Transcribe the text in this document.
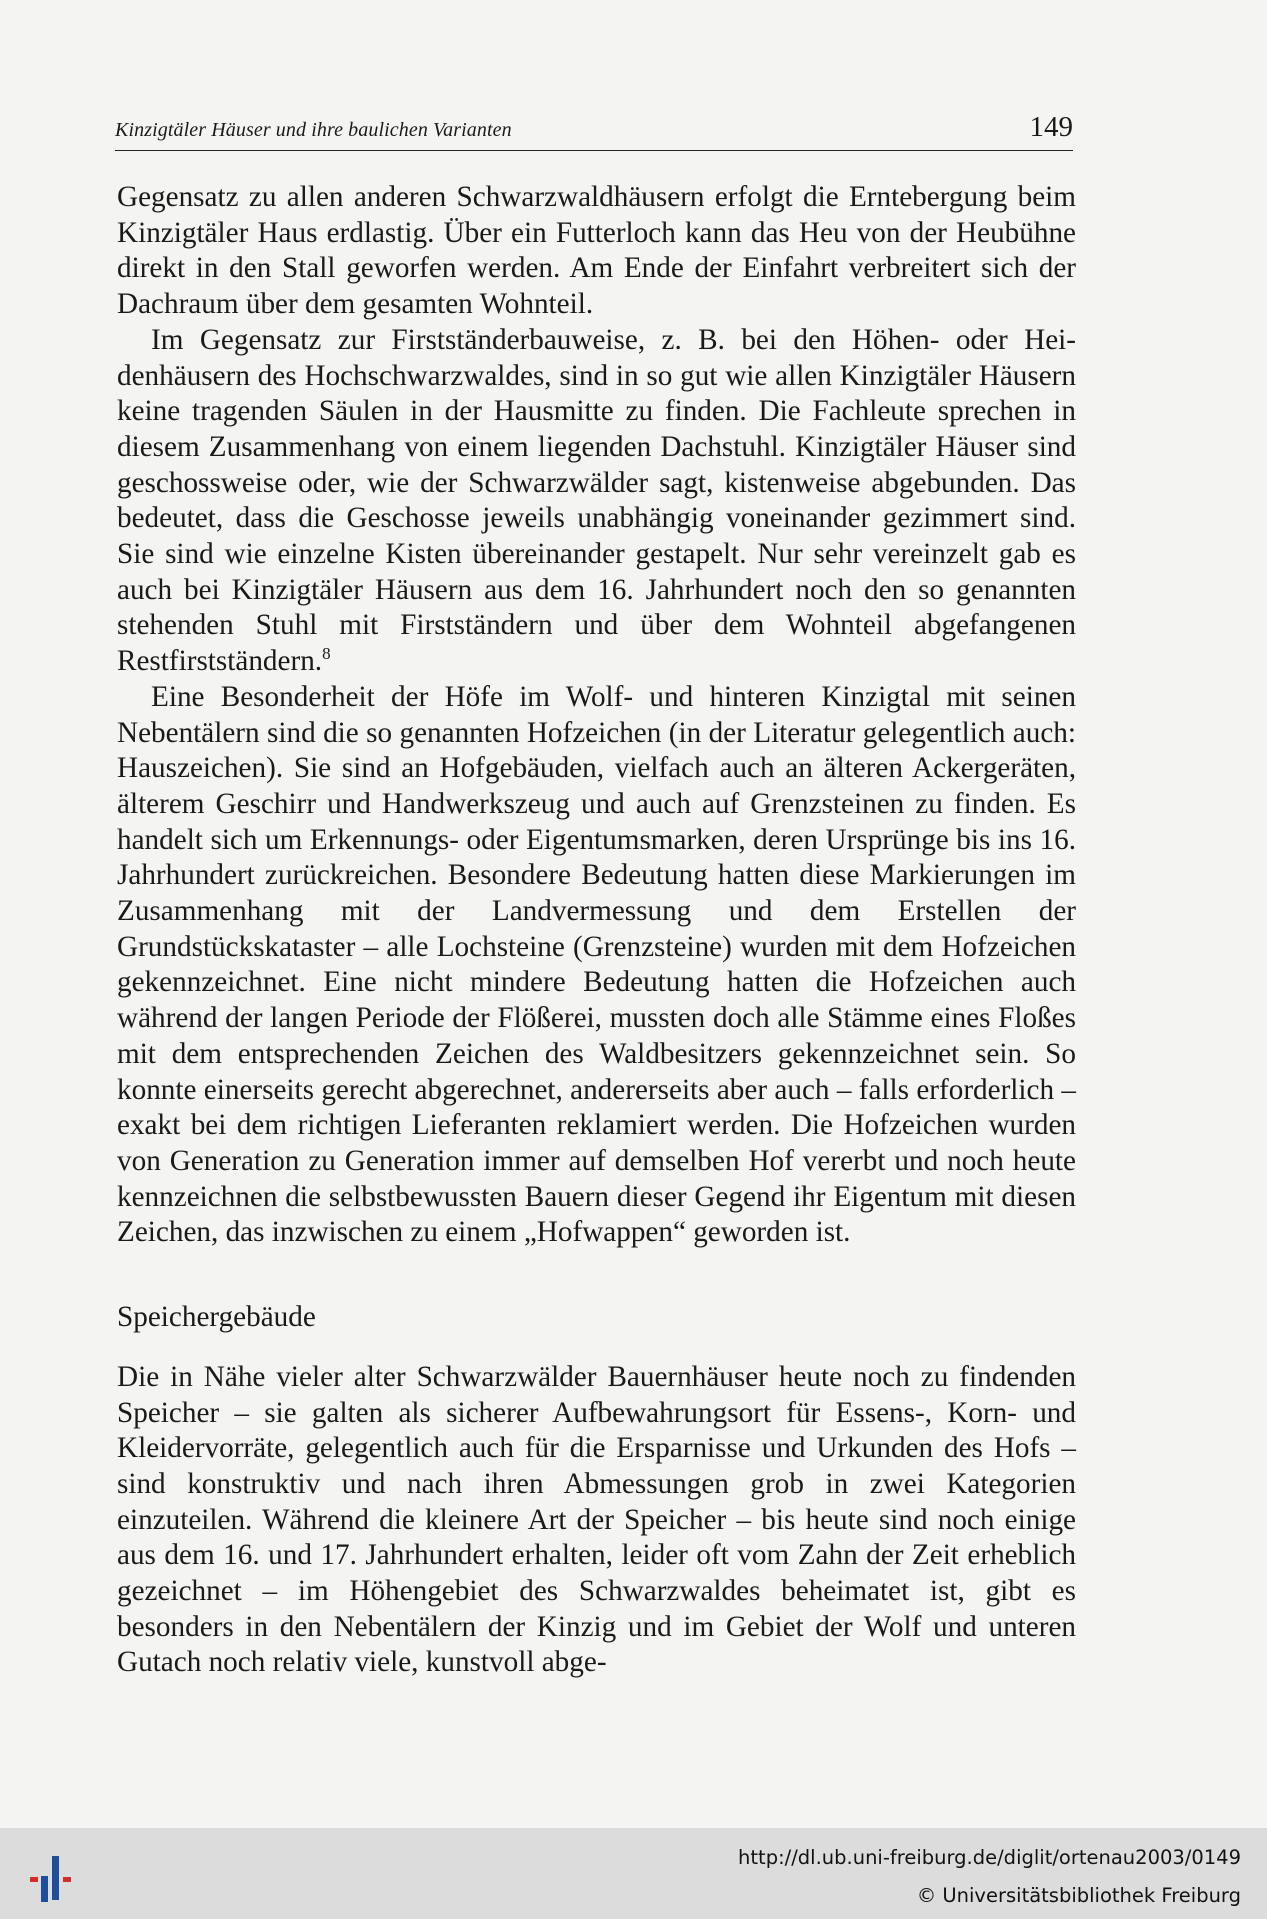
Kinzigtäler Häuser und ihre baulichen Varianten	149

Gegensatz zu allen anderen Schwarzwaldhäusern erfolgt die Erntebergung beim Kinzigtäler Haus erdlastig. Über ein Futterloch kann das Heu von der Heubühne direkt in den Stall geworfen werden. Am Ende der Einfahrt verbreitert sich der Dachraum über dem gesamten Wohnteil.

Im Gegensatz zur Firstständerbauweise, z. B. bei den Höhen- oder Heidenhäusern des Hochschwarzwaldes, sind in so gut wie allen Kinzigtäler Häusern keine tragenden Säulen in der Hausmitte zu finden. Die Fachleute sprechen in diesem Zusammenhang von einem liegenden Dachstuhl. Kinzigtäler Häuser sind geschossweise oder, wie der Schwarzwälder sagt, kistenweise abgebunden. Das bedeutet, dass die Geschosse jeweils unabhängig voneinander gezimmert sind. Sie sind wie einzelne Kisten übereinander gestapelt. Nur sehr vereinzelt gab es auch bei Kinzigtäler Häusern aus dem 16. Jahrhundert noch den so genannten stehenden Stuhl mit Firstständern und über dem Wohnteil abgefangenen Restfirstständern.$^8$

Eine Besonderheit der Höfe im Wolf- und hinteren Kinzigtal mit seinen Nebentälern sind die so genannten Hofzeichen (in der Literatur gelegentlich auch: Hauszeichen). Sie sind an Hofgebäuden, vielfach auch an älteren Ackergeräten, älterem Geschirr und Handwerkszeug und auch auf Grenzsteinen zu finden. Es handelt sich um Erkennungs- oder Eigentumsmarken, deren Ursprünge bis ins 16. Jahrhundert zurückreichen. Besondere Bedeutung hatten diese Markierungen im Zusammenhang mit der Landvermessung und dem Erstellen der Grundstückskataster – alle Lochsteine (Grenzsteine) wurden mit dem Hofzeichen gekennzeichnet. Eine nicht mindere Bedeutung hatten die Hofzeichen auch während der langen Periode der Flößerei, mussten doch alle Stämme eines Floßes mit dem entsprechenden Zeichen des Waldbesitzers gekennzeichnet sein. So konnte einerseits gerecht abgerechnet, andererseits aber auch – falls erforderlich – exakt bei dem richtigen Lieferanten reklamiert werden. Die Hofzeichen wurden von Generation zu Generation immer auf demselben Hof vererbt und noch heute kennzeichnen die selbstbewussten Bauern dieser Gegend ihr Eigentum mit diesen Zeichen, das inzwischen zu einem „Hofwappen“ geworden ist.

Speichergebäude

Die in Nähe vieler alter Schwarzwälder Bauernhäuser heute noch zu findenden Speicher – sie galten als sicherer Aufbewahrungsort für Essens-, Korn- und Kleidervorräte, gelegentlich auch für die Ersparnisse und Urkunden des Hofs – sind konstruktiv und nach ihren Abmessungen grob in zwei Kategorien einzuteilen. Während die kleinere Art der Speicher – bis heute sind noch einige aus dem 16. und 17. Jahrhundert erhalten, leider oft vom Zahn der Zeit erheblich gezeichnet – im Höhengebiet des Schwarzwaldes beheimatet ist, gibt es besonders in den Nebentälern der Kinzig und im Gebiet der Wolf und unteren Gutach noch relativ viele, kunstvoll abge-

http://dl.ub.uni-freiburg.de/diglit/ortenau2003/0149
© Universitätsbibliothek Freiburg
